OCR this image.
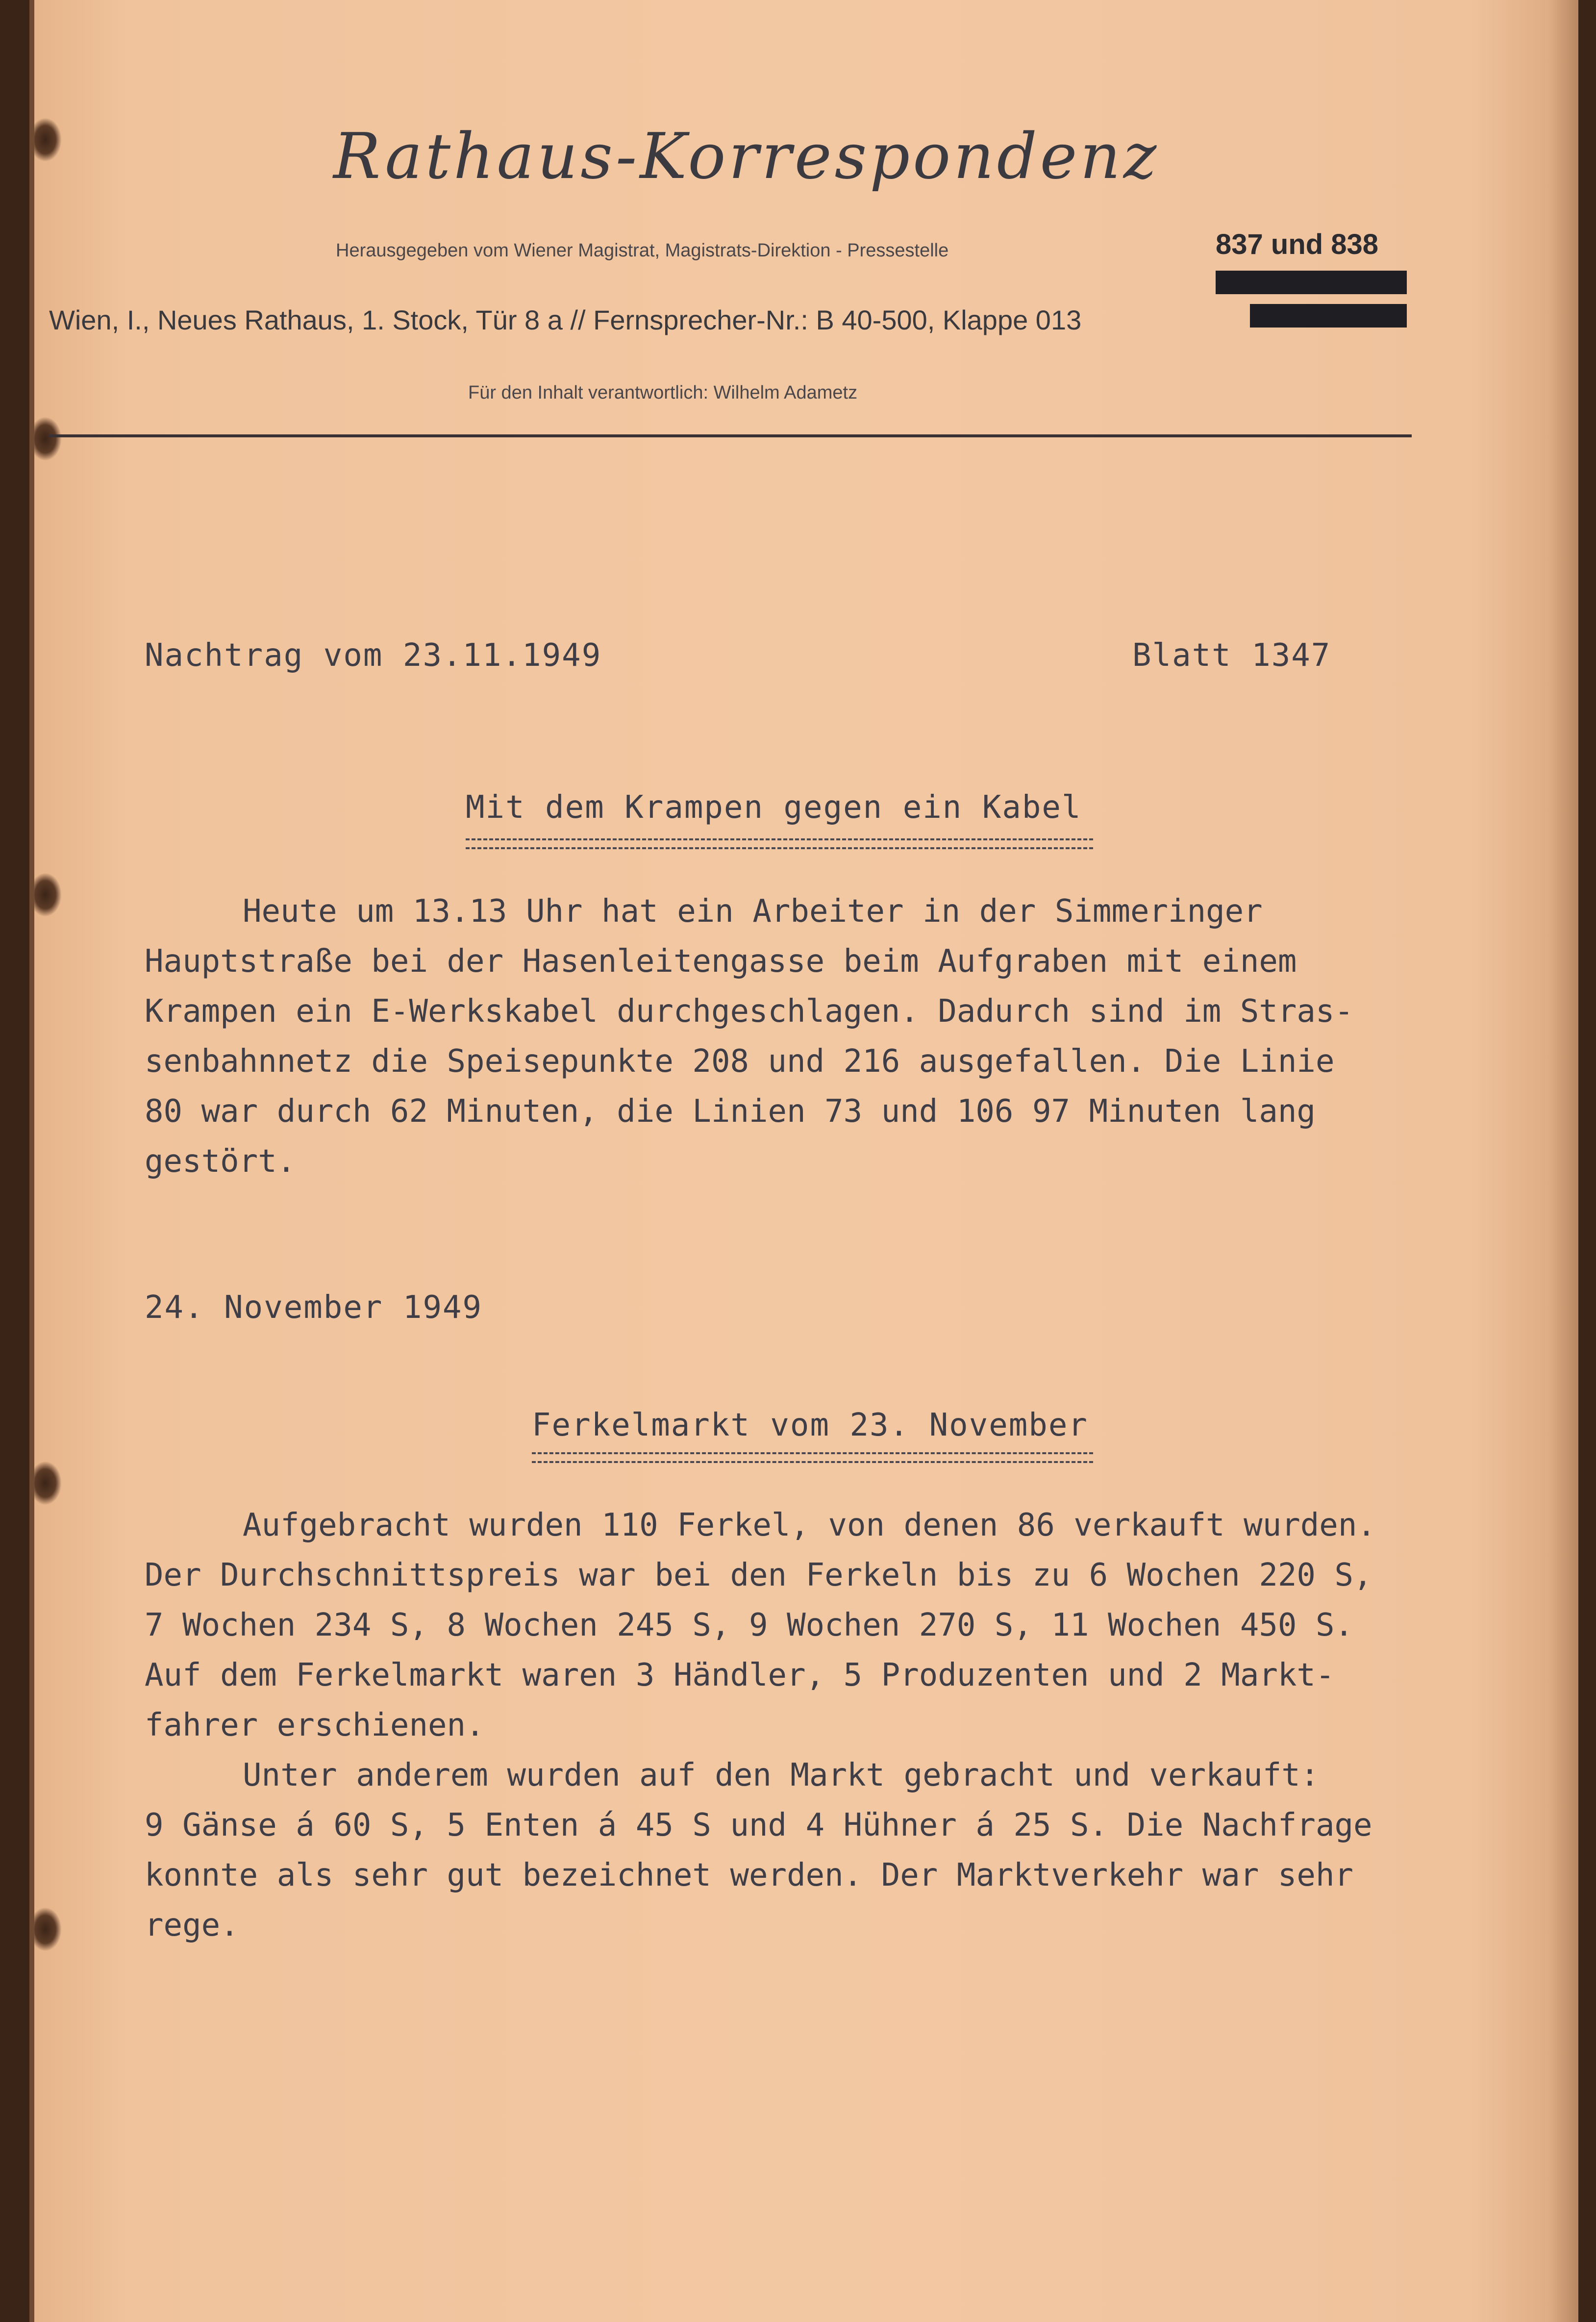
Rathaus-Korrespondenz
Herausgegeben vom Wiener Magistrat, Magistrats-Direktion - Pressestelle	837 und 838
Wien, I., Neues Rathaus, 1. Stock, Tür 8 a // Fernsprecher-Nr.: B 40-500, Klappe 013
Für den Inhalt verantwortlich: Wilhelm Adametz
Nachtrag vom 23.11.1949	Blatt 1347
Mit dem Krampen gegen ein Kabel
Heute um 13.13 Uhr hat ein Arbeiter in der Simmeringer
Hauptstraße bei der Hasenleitengasse beim Aufgraben mit einem
Krampen ein E-Werkskabel durchgeschlagen. Dadurch sind im Stras-
senbahnnetz die Speisepunkte 208 und 216 ausgefallen. Die Linie
80 war durch 62 Minuten, die Linien 73 und 106 97 Minuten lang
gestört.
24. November 1949
Ferkelmarkt vom 23. November
Aufgebracht wurden 110 Ferkel, von denen 86 verkauft wurden.
Der Durchschnittspreis war bei den Ferkeln bis zu 6 Wochen 220 S,
7 Wochen 234 S, 8 Wochen 245 S, 9 Wochen 270 S, 11 Wochen 450 S.
Auf dem Ferkelmarkt waren 3 Händler, 5 Produzenten und 2 Markt-
fahrer erschienen.
Unter anderem wurden auf den Markt gebracht und verkauft:
9 Gänse á 60 S, 5 Enten á 45 S und 4 Hühner á 25 S. Die Nachfrage
konnte als sehr gut bezeichnet werden. Der Marktverkehr war sehr
rege.
